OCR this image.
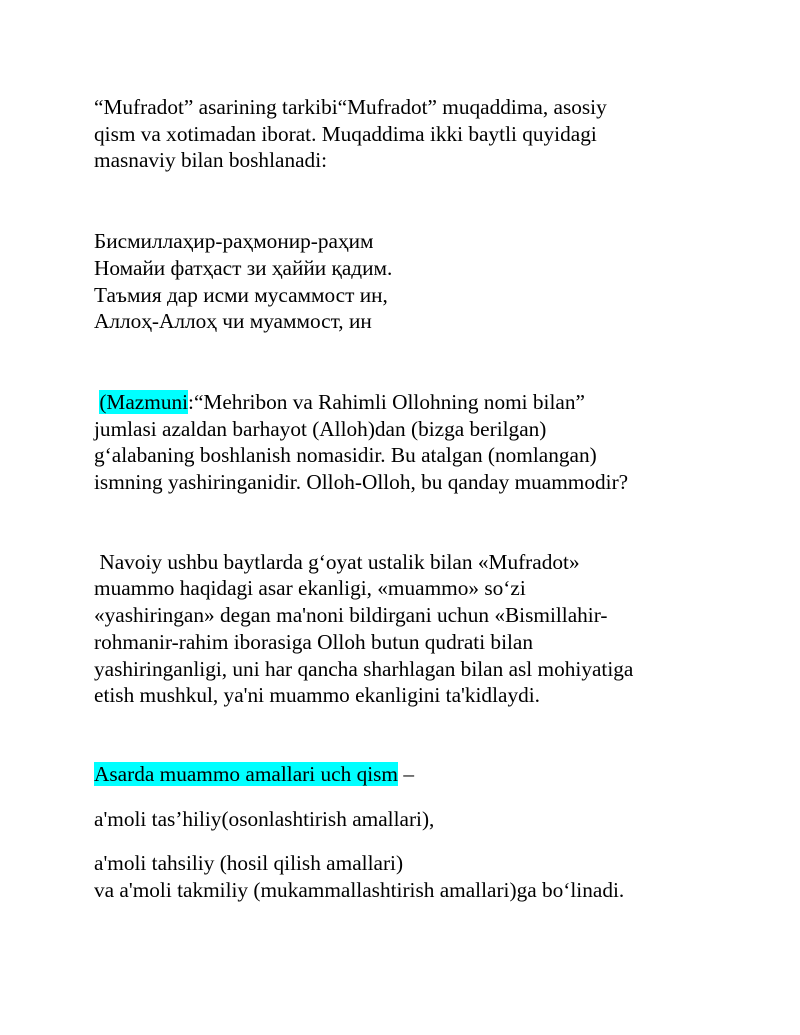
“Mufradot” asarining tarkibi“Mufradot” muqaddima, asosiy
qism va xotimadan iborat. Muqaddima ikki baytli quyidagi
masnaviy bilan boshlanadi:

Бисмиллаҳир-раҳмонир-раҳим
Номайи фатҳаст зи ҳаййи қадим.
Таъмия дар исми мусаммост ин,
Аллоҳ-Аллоҳ чи муаммост, ин

(Mazmuni:“Mehribon va Rahimli Ollohning nomi bilan”
jumlasi azaldan barhayot (Alloh)dan (bizga berilgan)
g‘alabaning boshlanish nomasidir. Bu atalgan (nomlangan)
ismning yashiringanidir. Olloh-Olloh, bu qanday muammodir?

Navoiy ushbu baytlarda g‘oyat ustalik bilan «Mufradot»
muammo haqidagi asar ekanligi, «muammo» so‘zi
«yashiringan» degan ma'noni bildirgani uchun «Bismillahir-
rohmanir-rahim iborasiga Olloh butun qudrati bilan
yashiringanligi, uni har qancha sharhlagan bilan asl mohiyatiga
etish mushkul, ya'ni muammo ekanligini ta'kidlaydi.

Asarda muammo amallari uch qism –

a'moli tas’hiliy(osonlashtirish amallari),

a'moli tahsiliy (hosil qilish amallari)
va a'moli takmiliy (mukammallashtirish amallari)ga bo‘linadi.
